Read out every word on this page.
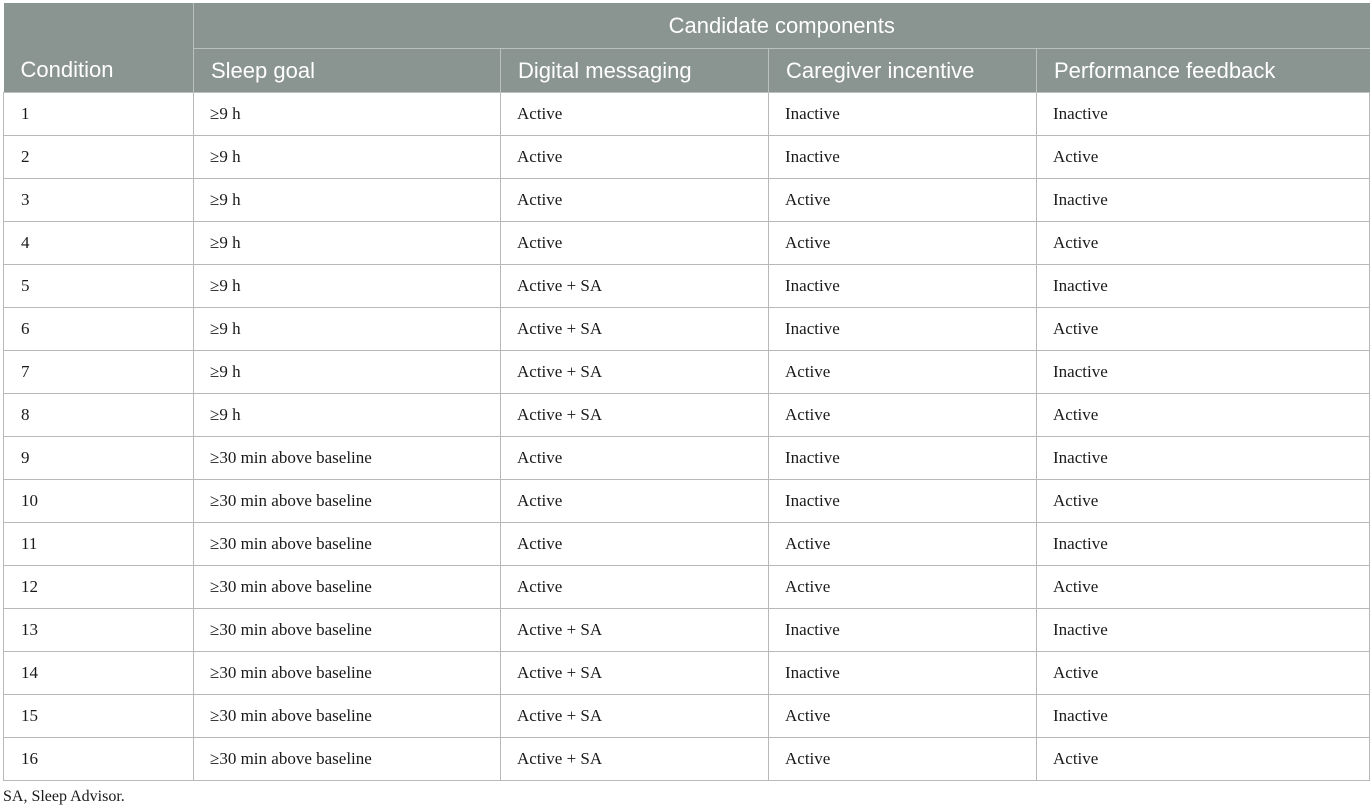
	Candidate components			
Condition	Sleep goal	Digital messaging	Caregiver incentive	Performance feedback
1	≥9 h	Active	Inactive	Inactive
2	≥9 h	Active	Inactive	Active
3	≥9 h	Active	Active	Inactive
4	≥9 h	Active	Active	Active
5	≥9 h	Active + SA	Inactive	Inactive
6	≥9 h	Active + SA	Inactive	Active
7	≥9 h	Active + SA	Active	Inactive
8	≥9 h	Active + SA	Active	Active
9	≥30 min above baseline	Active	Inactive	Inactive
10	≥30 min above baseline	Active	Inactive	Active
11	≥30 min above baseline	Active	Active	Inactive
12	≥30 min above baseline	Active	Active	Active
13	≥30 min above baseline	Active + SA	Inactive	Inactive
14	≥30 min above baseline	Active + SA	Inactive	Active
15	≥30 min above baseline	Active + SA	Active	Inactive
16	≥30 min above baseline	Active + SA	Active	Active
SA, Sleep Advisor.
